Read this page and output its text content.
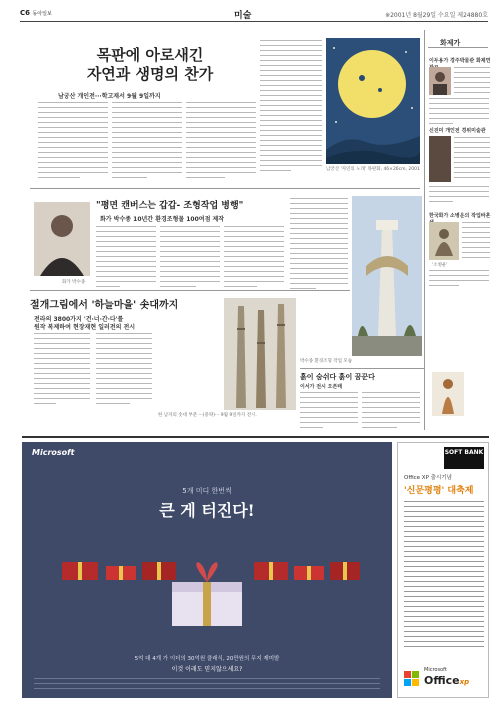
C6 동아일보	미술	※2001년 8월29일 수요일 제24880호
목판에 아로새긴
자연과 생명의 찬가
남궁산 개인전···학고재서 9월 9일까지
남궁산 '자연의 노래' 목판화, 46×26cm, 2001
화제가
이두용가 경주박물관 화제연
신진미 개인전 경위미술관
한국화가 소병운의 작업바흔
'소병운'
화가 박수종
"평면 캔버스는 갑갑- 조형작업 병행"
화가 박수종 10년간 환경조형물 100여점 제작
박수종 환경조형 작업 모습
절개그림에서 '하늘마을' 솟대까지
전라의 3800가지 '건·너·간·다'를
원작 복제하여 현장재현 일러전의 전시
한 남자의 솟대 부분 ···(중략)··· 9월 9일까지 전시.
흙이 숨쉬다 흙이 꿈꾼다
이서가 전시 오픈태
Microsoft
5개 미디 한번씩
큰 게 터진다!
5억 대 4개 가 이더의 30억원 클래식, 20만원의 무지 제미밭
이것 이래도 믿지않으세요?
SOFT BANK
Office XP 출시기념
'신문평평' 대축제
Microsoft
Officexp
